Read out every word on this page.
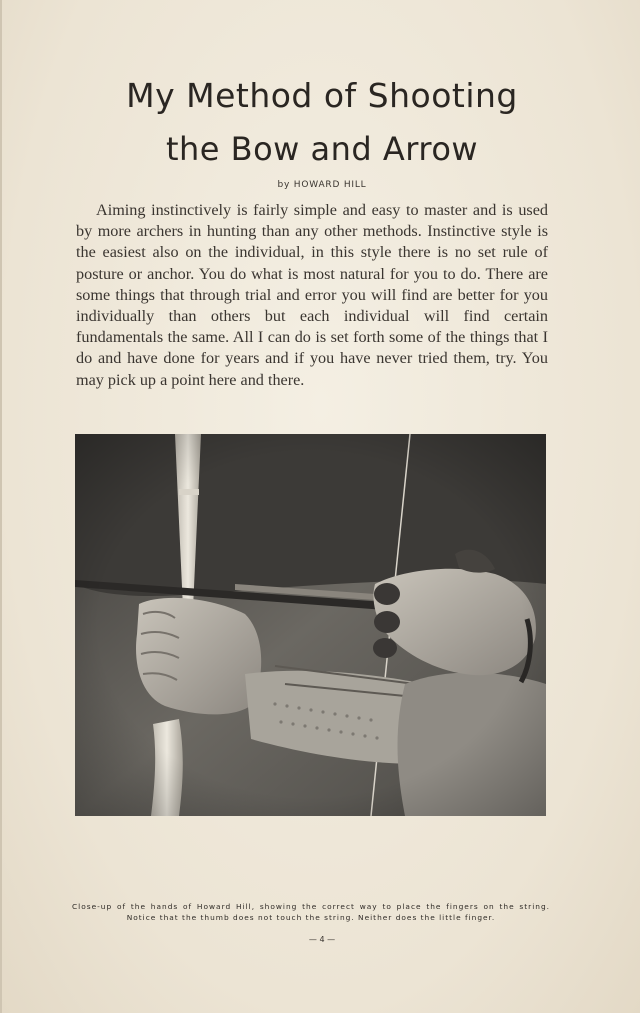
My Method of Shooting
the Bow and Arrow
by HOWARD HILL

Aiming instinctively is fairly simple and easy to master and is used by more archers in hunting than any other methods. Instinctive style is the easiest also on the individual, in this style there is no set rule of posture or anchor. You do what is most natural for you to do. There are some things that through trial and error you will find are better for you individually than others but each individual will find certain fundamentals the same. All I can do is set forth some of the things that I do and have done for years and if you have never tried them, try. You may pick up a point here and there.

Close-up of the hands of Howard Hill, showing the correct way to place the fingers on the string. Notice that the thumb does not touch the string. Neither does the little finger.

— 4 —
